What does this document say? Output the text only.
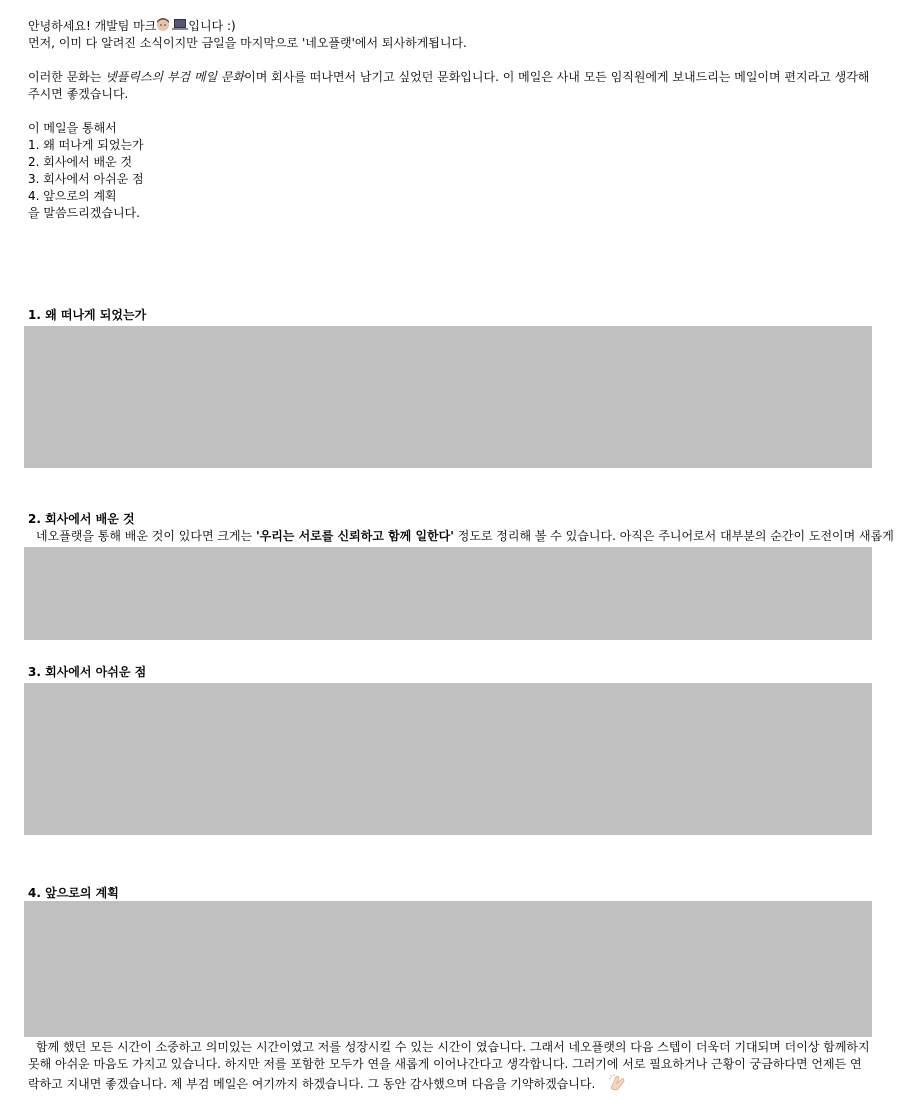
안녕하세요! 개발팀 마크	입니다 :)
먼저, 이미 다 알려진 소식이지만 금일을 마지막으로 '네오플랫'에서 퇴사하게됩니다.
이러한 문화는 넷플릭스의 부검 메일 문화이며 회사를 떠나면서 남기고 싶었던 문화입니다. 이 메일은 사내 모든 임직원에게 보내드리는 메일이며 편지라고 생각해주시면 좋겠습니다.
이 메일을 통해서
1. 왜 떠나게 되었는가
2. 회사에서 배운 것
3. 회사에서 아쉬운 점
4. 앞으로의 계획
을 말씀드리겠습니다.
1. 왜 떠나게 되었는가
2. 회사에서 배운 것
네오플랫을 통해 배운 것이 있다면 크게는 '우리는 서로를 신뢰하고 함께 일한다' 정도로 정리해 볼 수 있습니다. 아직은 주니어로서 대부분의 순간이 도전이며 새롭게
3. 회사에서 아쉬운 점
4. 앞으로의 계획
함께 했던 모든 시간이 소중하고 의미있는 시간이였고 저를 성장시킬 수 있는 시간이 였습니다. 그래서 네오플랫의 다음 스텝이 더욱더 기대되며 더이상 함께하지 못해 아쉬운 마음도 가지고 있습니다. 하지만 저를 포함한 모두가 연을 새롭게 이어나간다고 생각합니다. 그러기에 서로 필요하거나 근황이 궁금하다면 언제든 연락하고 지내면 좋겠습니다. 제 부검 메일은 여기까지 하겠습니다. 그 동안 감사했으며 다음을 기약하겠습니다.
